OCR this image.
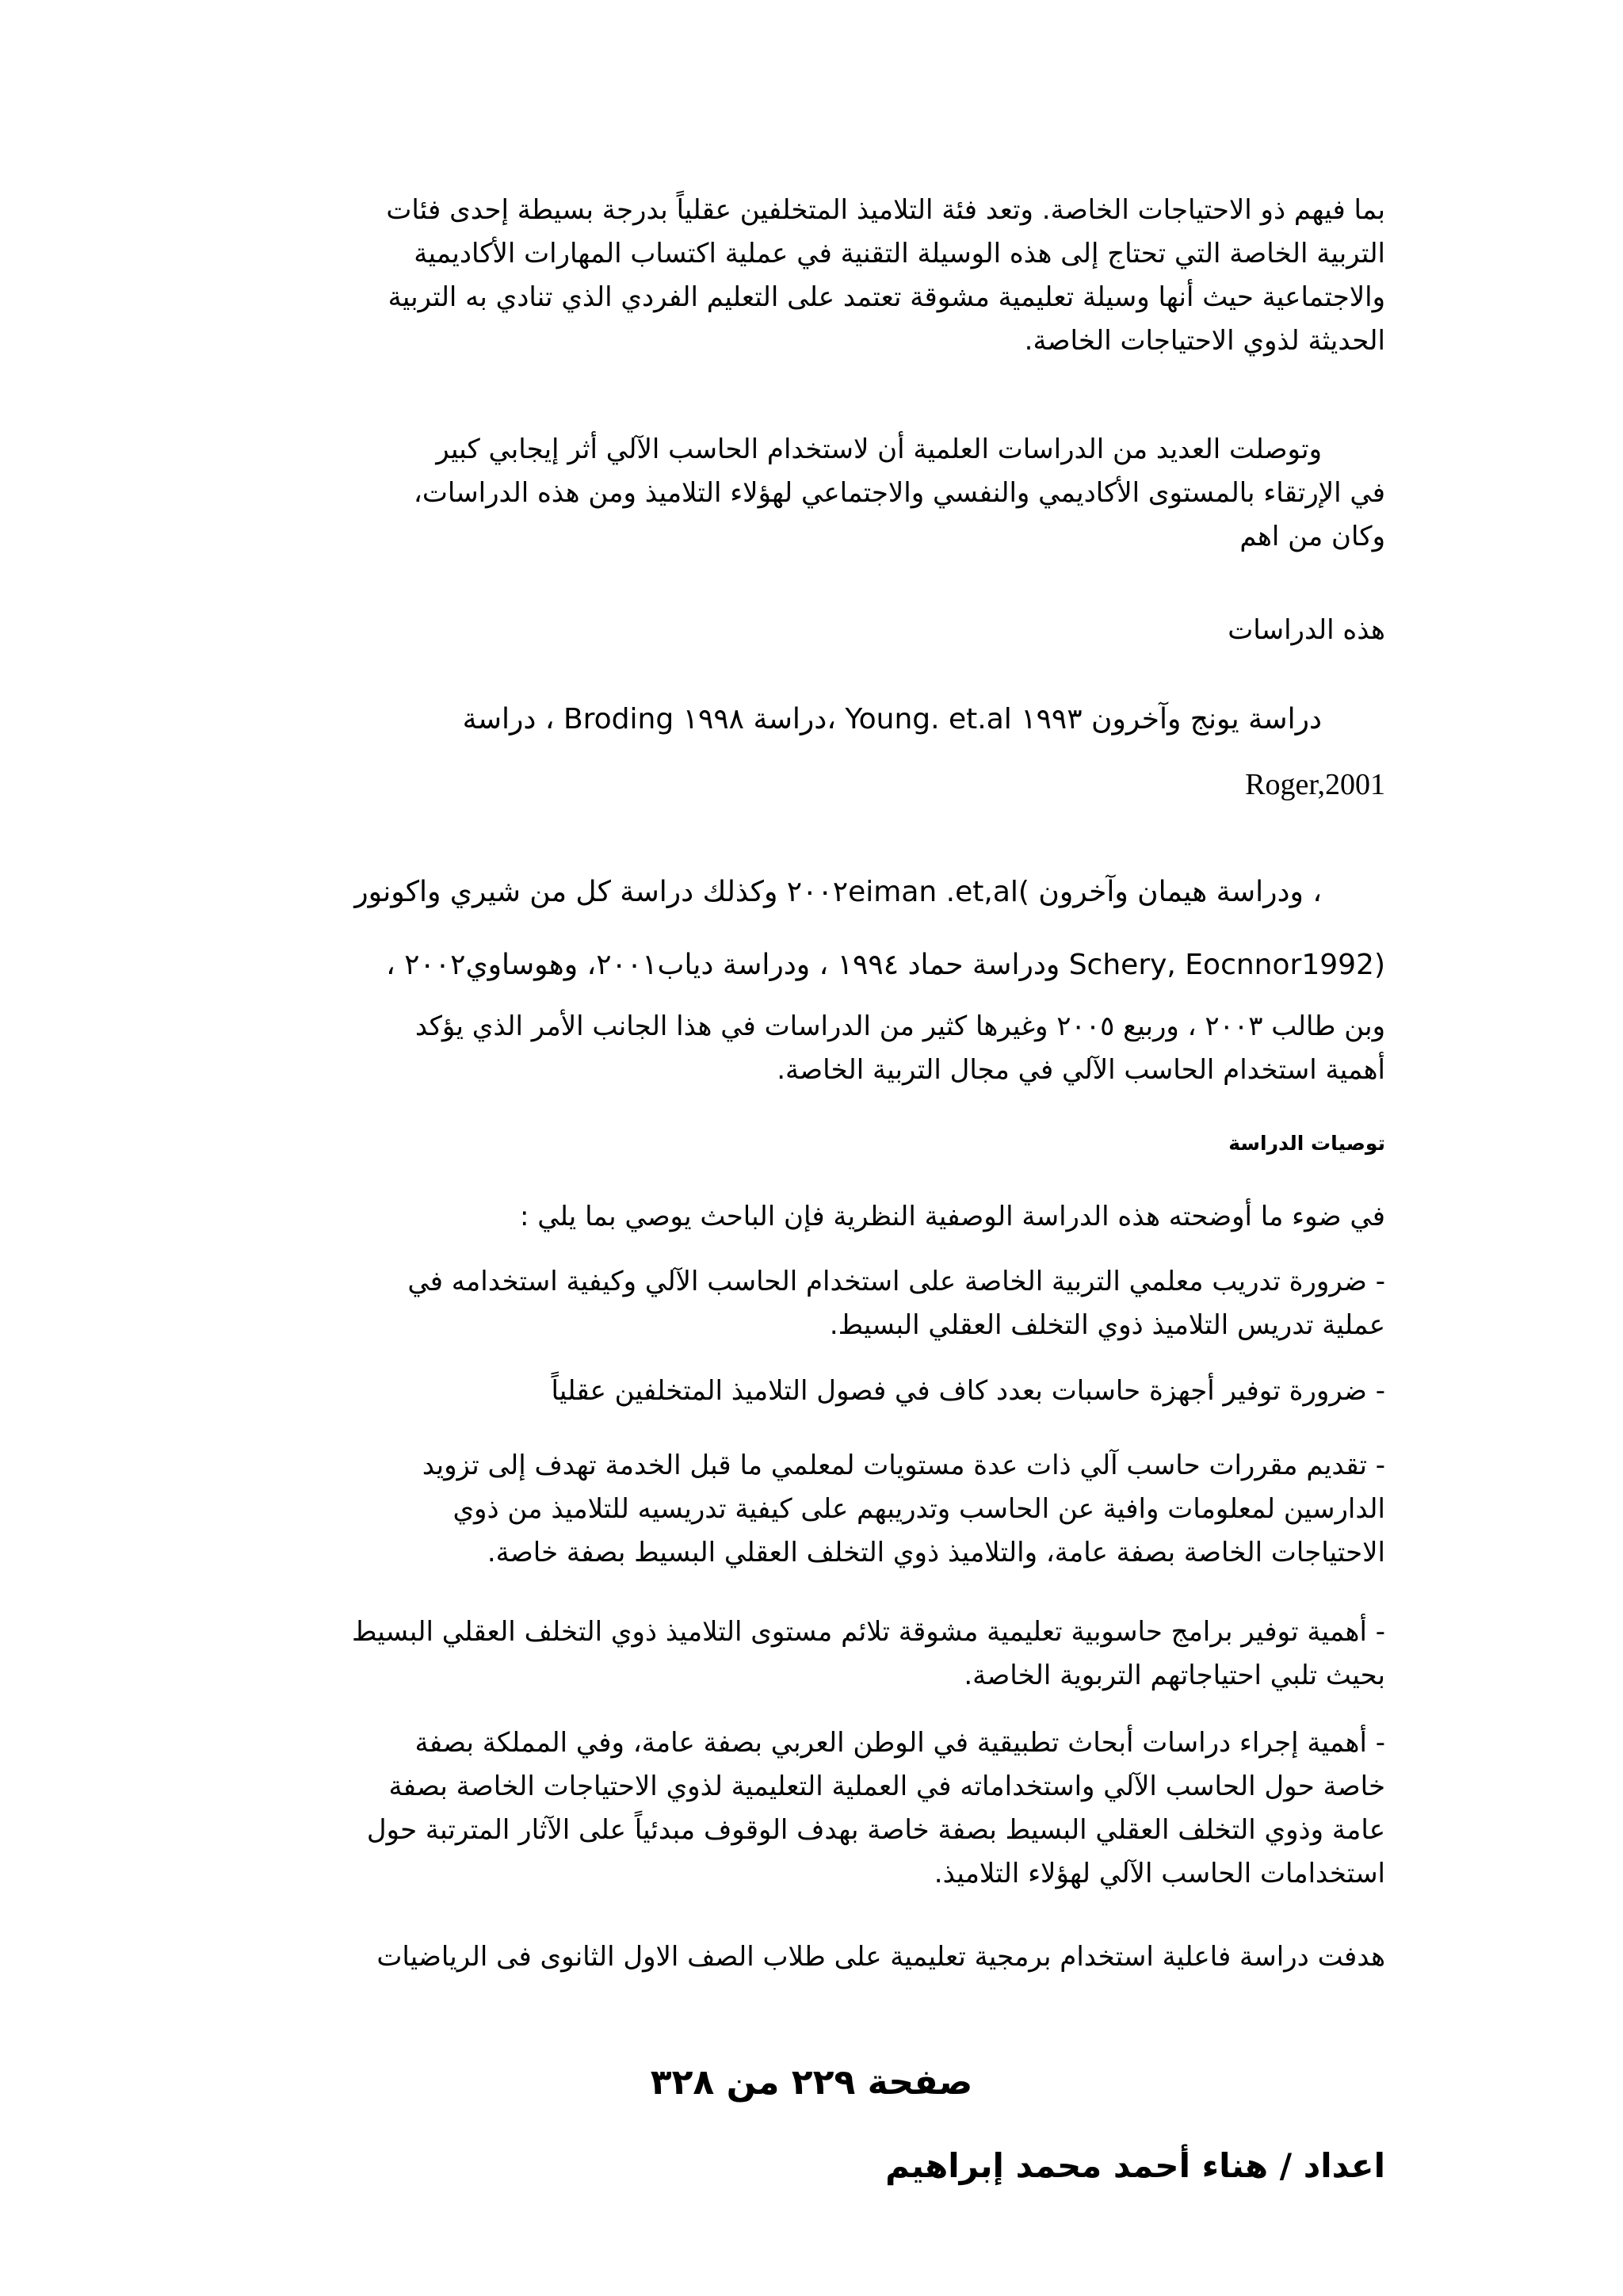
بما فيهم ذو الاحتياجات الخاصة. وتعد فئة التلاميذ المتخلفين عقلياً بدرجة بسيطة إحدى فئات
التربية الخاصة التي تحتاج إلى هذه الوسيلة التقنية في عملية اكتساب المهارات الأكاديمية
والاجتماعية حيث أنها وسيلة تعليمية مشوقة تعتمد على التعليم الفردي الذي تنادي به التربية
الحديثة لذوي الاحتياجات الخاصة.

وتوصلت العديد من الدراسات العلمية أن لاستخدام الحاسب الآلي أثر إيجابي كبير
في الإرتقاء بالمستوى الأكاديمي والنفسي والاجتماعي لهؤلاء التلاميذ ومن هذه الدراسات،
وكان من اهم

هذه الدراسات

دراسة يونج وآخرون ١٩٩٣ Young. et.al ،دراسة ١٩٩٨ Broding ، دراسة

Roger,2001

، ودراسة هيمان وآخرون )٢٠٠٢eiman .et,al وكذلك دراسة كل من شيري واكونور

(Schery, Eocnnor1992 ودراسة حماد ١٩٩٤ ، ودراسة دياب٢٠٠١، وهوساوي٢٠٠٢ ،

وبن طالب ٢٠٠٣ ، وربيع ٢٠٠٥ وغيرها كثير من الدراسات في هذا الجانب الأمر الذي يؤكد
أهمية استخدام الحاسب الآلي في مجال التربية الخاصة.

توصيات الدراسة

في ضوء ما أوضحته هذه الدراسة الوصفية النظرية فإن الباحث يوصي بما يلي :

- ضرورة تدريب معلمي التربية الخاصة على استخدام الحاسب الآلي وكيفية استخدامه في
عملية تدريس التلاميذ ذوي التخلف العقلي البسيط.

- ضرورة توفير أجهزة حاسبات بعدد كاف في فصول التلاميذ المتخلفين عقلياً

- تقديم مقررات حاسب آلي ذات عدة مستويات لمعلمي ما قبل الخدمة تهدف إلى تزويد
الدارسين لمعلومات وافية عن الحاسب وتدريبهم على كيفية تدريسيه للتلاميذ من ذوي
الاحتياجات الخاصة بصفة عامة، والتلاميذ ذوي التخلف العقلي البسيط بصفة خاصة.

- أهمية توفير برامج حاسوبية تعليمية مشوقة تلائم مستوى التلاميذ ذوي التخلف العقلي البسيط
بحيث تلبي احتياجاتهم التربوية الخاصة.

- أهمية إجراء دراسات أبحاث تطبيقية في الوطن العربي بصفة عامة، وفي المملكة بصفة
خاصة حول الحاسب الآلي واستخداماته في العملية التعليمية لذوي الاحتياجات الخاصة بصفة
عامة وذوي التخلف العقلي البسيط بصفة خاصة بهدف الوقوف مبدئياً على الآثار المترتبة حول
استخدامات الحاسب الآلي لهؤلاء التلاميذ.

هدفت دراسة فاعلية استخدام برمجية تعليمية على طلاب الصف الاول الثانوى فى الرياضيات

صفحة ٢٢٩ من ٣٢٨

اعداد / هناء أحمد محمد إبراهيم
